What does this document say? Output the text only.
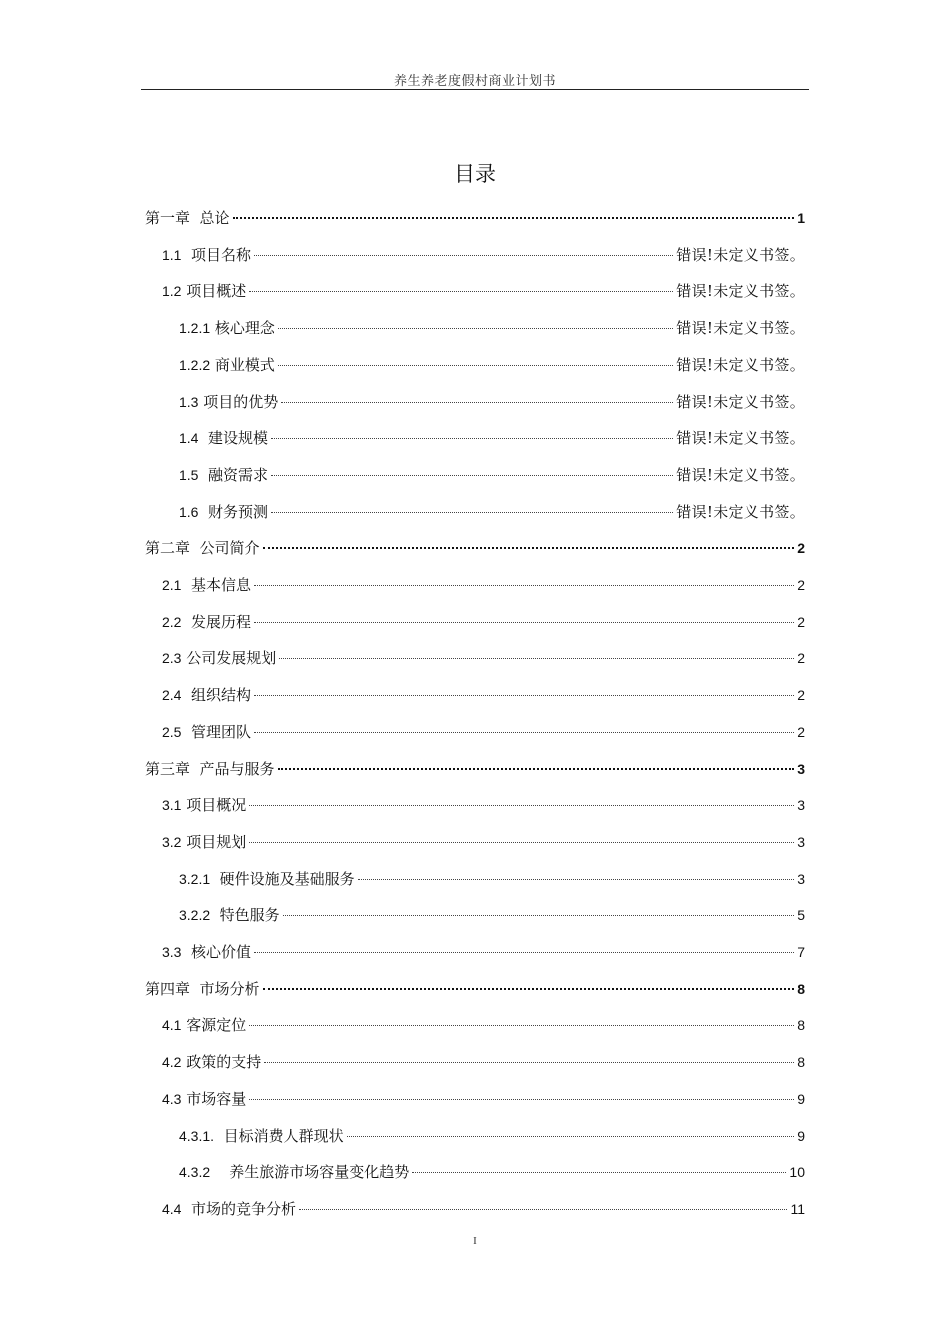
养生养老度假村商业计划书
目录
第一章  总论	1
1.1 项目名称	错误!未定义书签。
1.2 项目概述	错误!未定义书签。
1.2.1 核心理念	错误!未定义书签。
1.2.2 商业模式	错误!未定义书签。
1.3 项目的优势	错误!未定义书签。
1.4 建设规模	错误!未定义书签。
1.5 融资需求	错误!未定义书签。
1.6 财务预测	错误!未定义书签。
第二章  公司简介	2
2.1 基本信息	2
2.2 发展历程	2
2.3 公司发展规划	2
2.4 组织结构	2
2.5 管理团队	2
第三章  产品与服务	3
3.1 项目概况	3
3.2 项目规划	3
3.2.1 硬件设施及基础服务	3
3.2.2 特色服务	5
3.3 核心价值	7
第四章  市场分析	8
4.1 客源定位	8
4.2 政策的支持	8
4.3 市场容量	9
4.3.1. 目标消费人群现状	9
4.3.2 养生旅游市场容量变化趋势	10
4.4 市场的竞争分析	11
I
